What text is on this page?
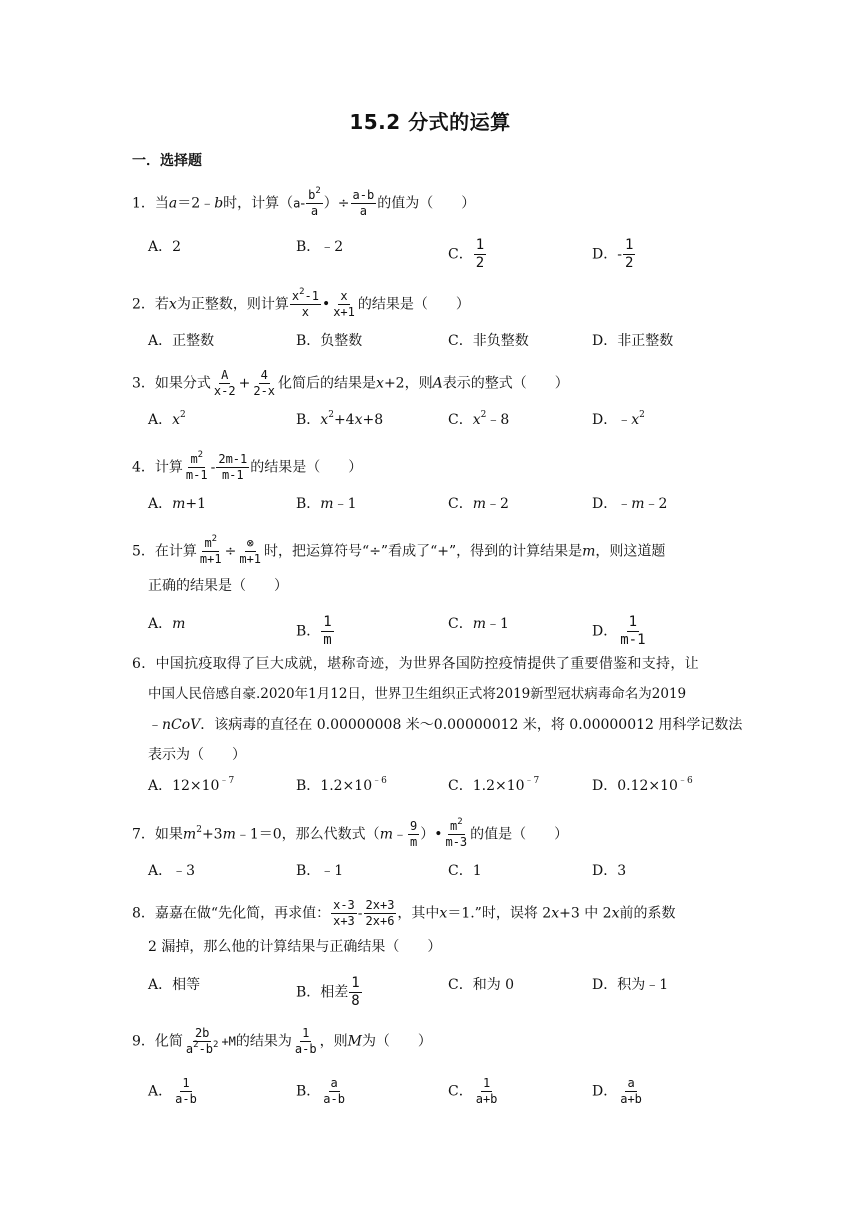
15.2 分式的运算
一．选择题
1．当a＝2﹣b时，计算（$a- \frac{b^2}{a}$ ）÷ $\frac{a-b}{a}$ 的值为（　　）
A．2	B．﹣2	C． $\frac{1}{2}$	D．- $\frac{1}{2}$
2．若x为正整数，则计算 $\frac{x^2-1}{x}$ • $\frac{x}{x+1}$ 的结果是（　　）
A．正整数	B．负整数	C．非负整数	D．非正整数
3．如果分式 $\frac{A}{x-2} + \frac{4}{2-x}$ 化简后的结果是x+2，则A表示的整式（　　）
A．$x^2$	B．$x^2+4x+8$	C．$x^2﹣8$	D．$﹣x^2$
4．计算 $\frac{m^2}{m-1} - \frac{2m-1}{m-1}$ 的结果是（　　）
A．m+1	B．m﹣1	C．m﹣2	D．﹣m﹣2
5．在计算 $\frac{m^2}{m+1} \div \frac{\otimes}{m+1}$ 时，把运算符号“÷”看成了“+”，得到的计算结果是m，则这道题
正确的结果是（　　）
A．m	B． $\frac{1}{m}$	C．m﹣1	D． $\frac{1}{m-1}$
6．中国抗疫取得了巨大成就，堪称奇迹，为世界各国防控疫情提供了重要借鉴和支持，让
中国人民倍感自豪.2020年1月12日，世界卫生组织正式将2019新型冠状病毒命名为2019
﹣nCoV．该病毒的直径在 0.00000008 米～0.00000012 米，将 0.00000012 用科学记数法
表示为（　　）
A．$12\times 10^{﹣7}$	B．$1.2\times 10^{﹣6}$	C．$1.2\times 10^{﹣7}$	D．$0.12\times 10^{﹣6}$
7．如果$m^2+3m﹣1=0$，那么代数式（m﹣ $\frac{9}{m}$ ）• $\frac{m^2}{m-3}$ 的值是（　　）
A．﹣3	B．﹣1	C．1	D．3
8．嘉嘉在做“先化简，再求值： $\frac{x-3}{x+3} - \frac{2x+3}{2x+6}$ ，其中x＝1.”时，误将 2x+3 中 2x前的系数
2 漏掉，那么他的计算结果与正确结果（　　）
A．相等	B．相差 $\frac{1}{8}$	C．和为 0	D．积为﹣1
9．化简 $\frac{2b}{a^2-b^2} +M$的结果为 $\frac{1}{a-b}$ ，则M为（　　）
A． $\frac{1}{a-b}$	B． $\frac{a}{a-b}$	C． $\frac{1}{a+b}$	D． $\frac{a}{a+b}$
